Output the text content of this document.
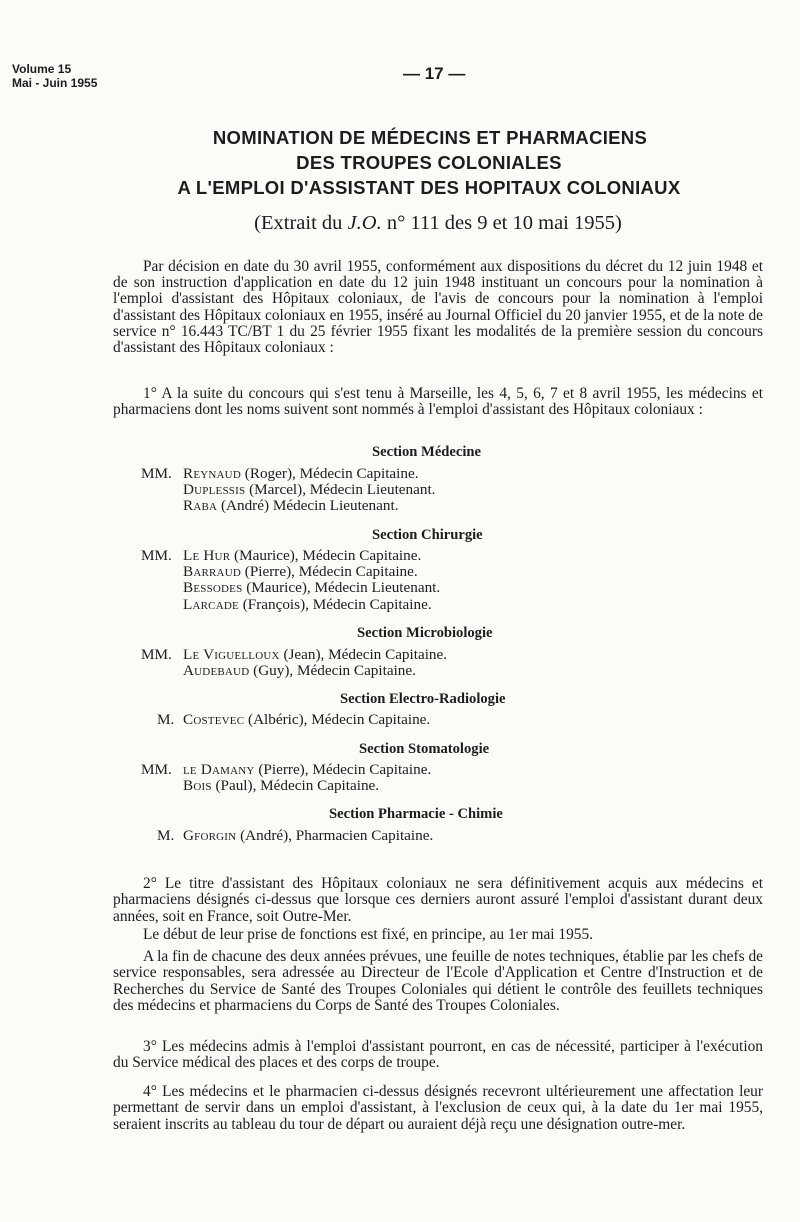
Volume 15
Mai - Juin 1955	— 17 —
NOMINATION DE MÉDECINS ET PHARMACIENS
DES TROUPES COLONIALES
A L'EMPLOI D'ASSISTANT DES HOPITAUX COLONIAUX
(Extrait du J.O. n° 111 des 9 et 10 mai 1955)

Par décision en date du 30 avril 1955, conformément aux dispositions du décret du 12 juin 1948 et de son instruction d'application en date du 12 juin 1948 instituant un concours pour la nomination à l'emploi d'assistant des Hôpitaux coloniaux, de l'avis de concours pour la nomination à l'emploi d'assistant des Hôpitaux coloniaux en 1955, inséré au Journal Officiel du 20 janvier 1955, et de la note de service n° 16.443 TC/BT 1 du 25 février 1955 fixant les modalités de la première session du concours d'assistant des Hôpitaux coloniaux :

1° A la suite du concours qui s'est tenu à Marseille, les 4, 5, 6, 7 et 8 avril 1955, les médecins et pharmaciens dont les noms suivent sont nommés à l'emploi d'assistant des Hôpitaux coloniaux :

Section Médecine
MM. Reynaud (Roger), Médecin Capitaine.
Duplessis (Marcel), Médecin Lieutenant.
Raba (André) Médecin Lieutenant.
Section Chirurgie
MM. Le Hur (Maurice), Médecin Capitaine.
Barraud (Pierre), Médecin Capitaine.
Bessodes (Maurice), Médecin Lieutenant.
Larcade (François), Médecin Capitaine.
Section Microbiologie
MM. Le Viguelloux (Jean), Médecin Capitaine.
Audebaud (Guy), Médecin Capitaine.
Section Electro-Radiologie
M. Costevec (Albéric), Médecin Capitaine.
Section Stomatologie
MM. le Damany (Pierre), Médecin Capitaine.
Bois (Paul), Médecin Capitaine.
Section Pharmacie - Chimie
M. Gforgin (André), Pharmacien Capitaine.

2° Le titre d'assistant des Hôpitaux coloniaux ne sera définitivement acquis aux médecins et pharmaciens désignés ci-dessus que lorsque ces derniers auront assuré l'emploi d'assistant durant deux années, soit en France, soit Outre-Mer.

Le début de leur prise de fonctions est fixé, en principe, au 1er mai 1955.

A la fin de chacune des deux années prévues, une feuille de notes techniques, établie par les chefs de service responsables, sera adressée au Directeur de l'Ecole d'Application et Centre d'Instruction et de Recherches du Service de Santé des Troupes Coloniales qui détient le contrôle des feuillets techniques des médecins et pharmaciens du Corps de Santé des Troupes Coloniales.

3° Les médecins admis à l'emploi d'assistant pourront, en cas de nécessité, participer à l'exécution du Service médical des places et des corps de troupe.

4° Les médecins et le pharmacien ci-dessus désignés recevront ultérieurement une affectation leur permettant de servir dans un emploi d'assistant, à l'exclusion de ceux qui, à la date du 1er mai 1955, seraient inscrits au tableau du tour de départ ou auraient déjà reçu une désignation outre-mer.
